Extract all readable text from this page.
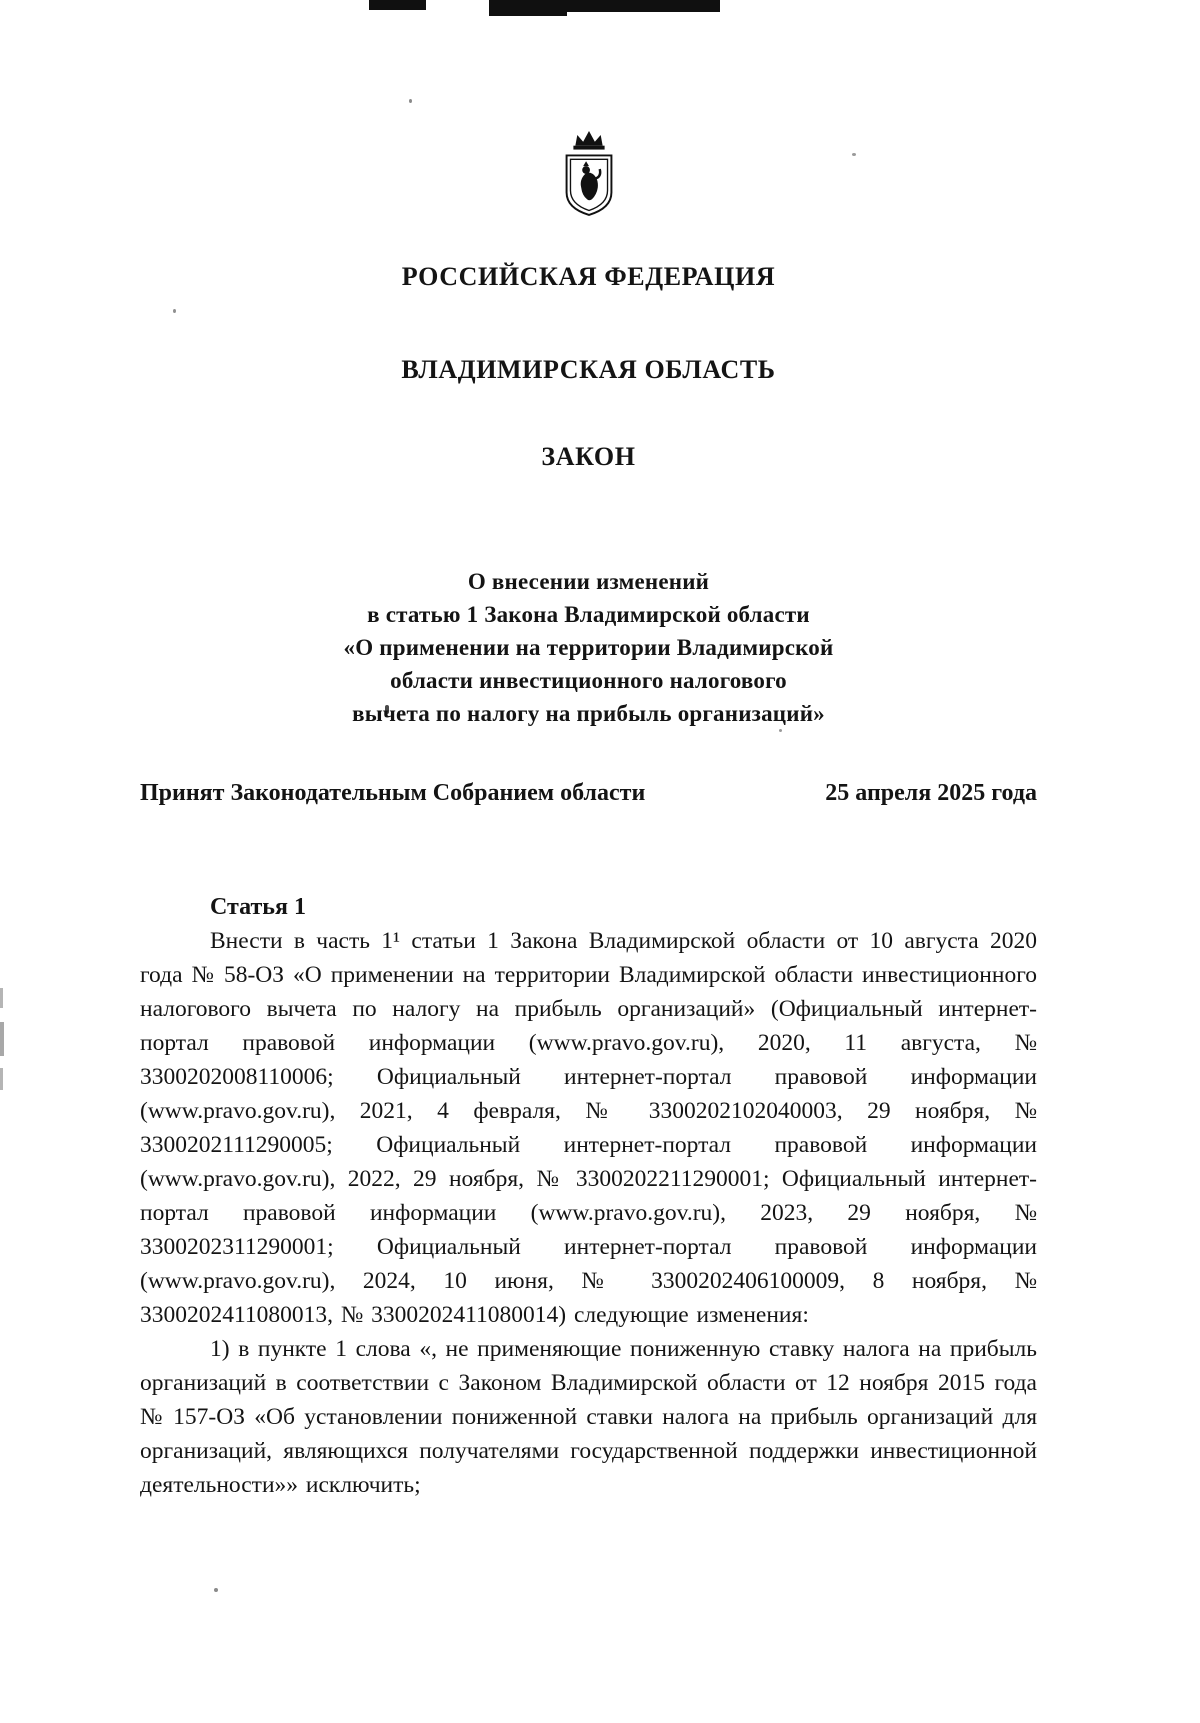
РОССИЙСКАЯ ФЕДЕРАЦИЯ
ВЛАДИМИРСКАЯ ОБЛАСТЬ
ЗАКОН
О внесении изменений
в статью 1 Закона Владимирской области
«О применении на территории Владимирской
области инвестиционного налогового
вычета по налогу на прибыль организаций»
Принят Законодательным Собранием области	25 апреля 2025 года
Статья 1

Внести в часть 1¹ статьи 1 Закона Владимирской области от 10 августа 2020 года № 58-ОЗ «О применении на территории Владимирской области инвестиционного налогового вычета по налогу на прибыль организаций» (Официальный интернет-портал правовой информации (www.pravo.gov.ru), 2020, 11 августа, № 3300202008110006; Официальный интернет-портал правовой информации (www.pravo.gov.ru), 2021, 4 февраля, № 3300202102040003, 29 ноября, № 3300202111290005; Официальный интернет-портал правовой информации (www.pravo.gov.ru), 2022, 29 ноября, № 3300202211290001; Официальный интернет-портал правовой информации (www.pravo.gov.ru), 2023, 29 ноября, № 3300202311290001; Официальный интернет-портал правовой информации (www.pravo.gov.ru), 2024, 10 июня, № 3300202406100009, 8 ноября, № 3300202411080013, № 3300202411080014) следующие изменения:

1) в пункте 1 слова «, не применяющие пониженную ставку налога на прибыль организаций в соответствии с Законом Владимирской области от 12 ноября 2015 года № 157-ОЗ «Об установлении пониженной ставки налога на прибыль организаций для организаций, являющихся получателями государственной поддержки инвестиционной деятельности»» исключить;
